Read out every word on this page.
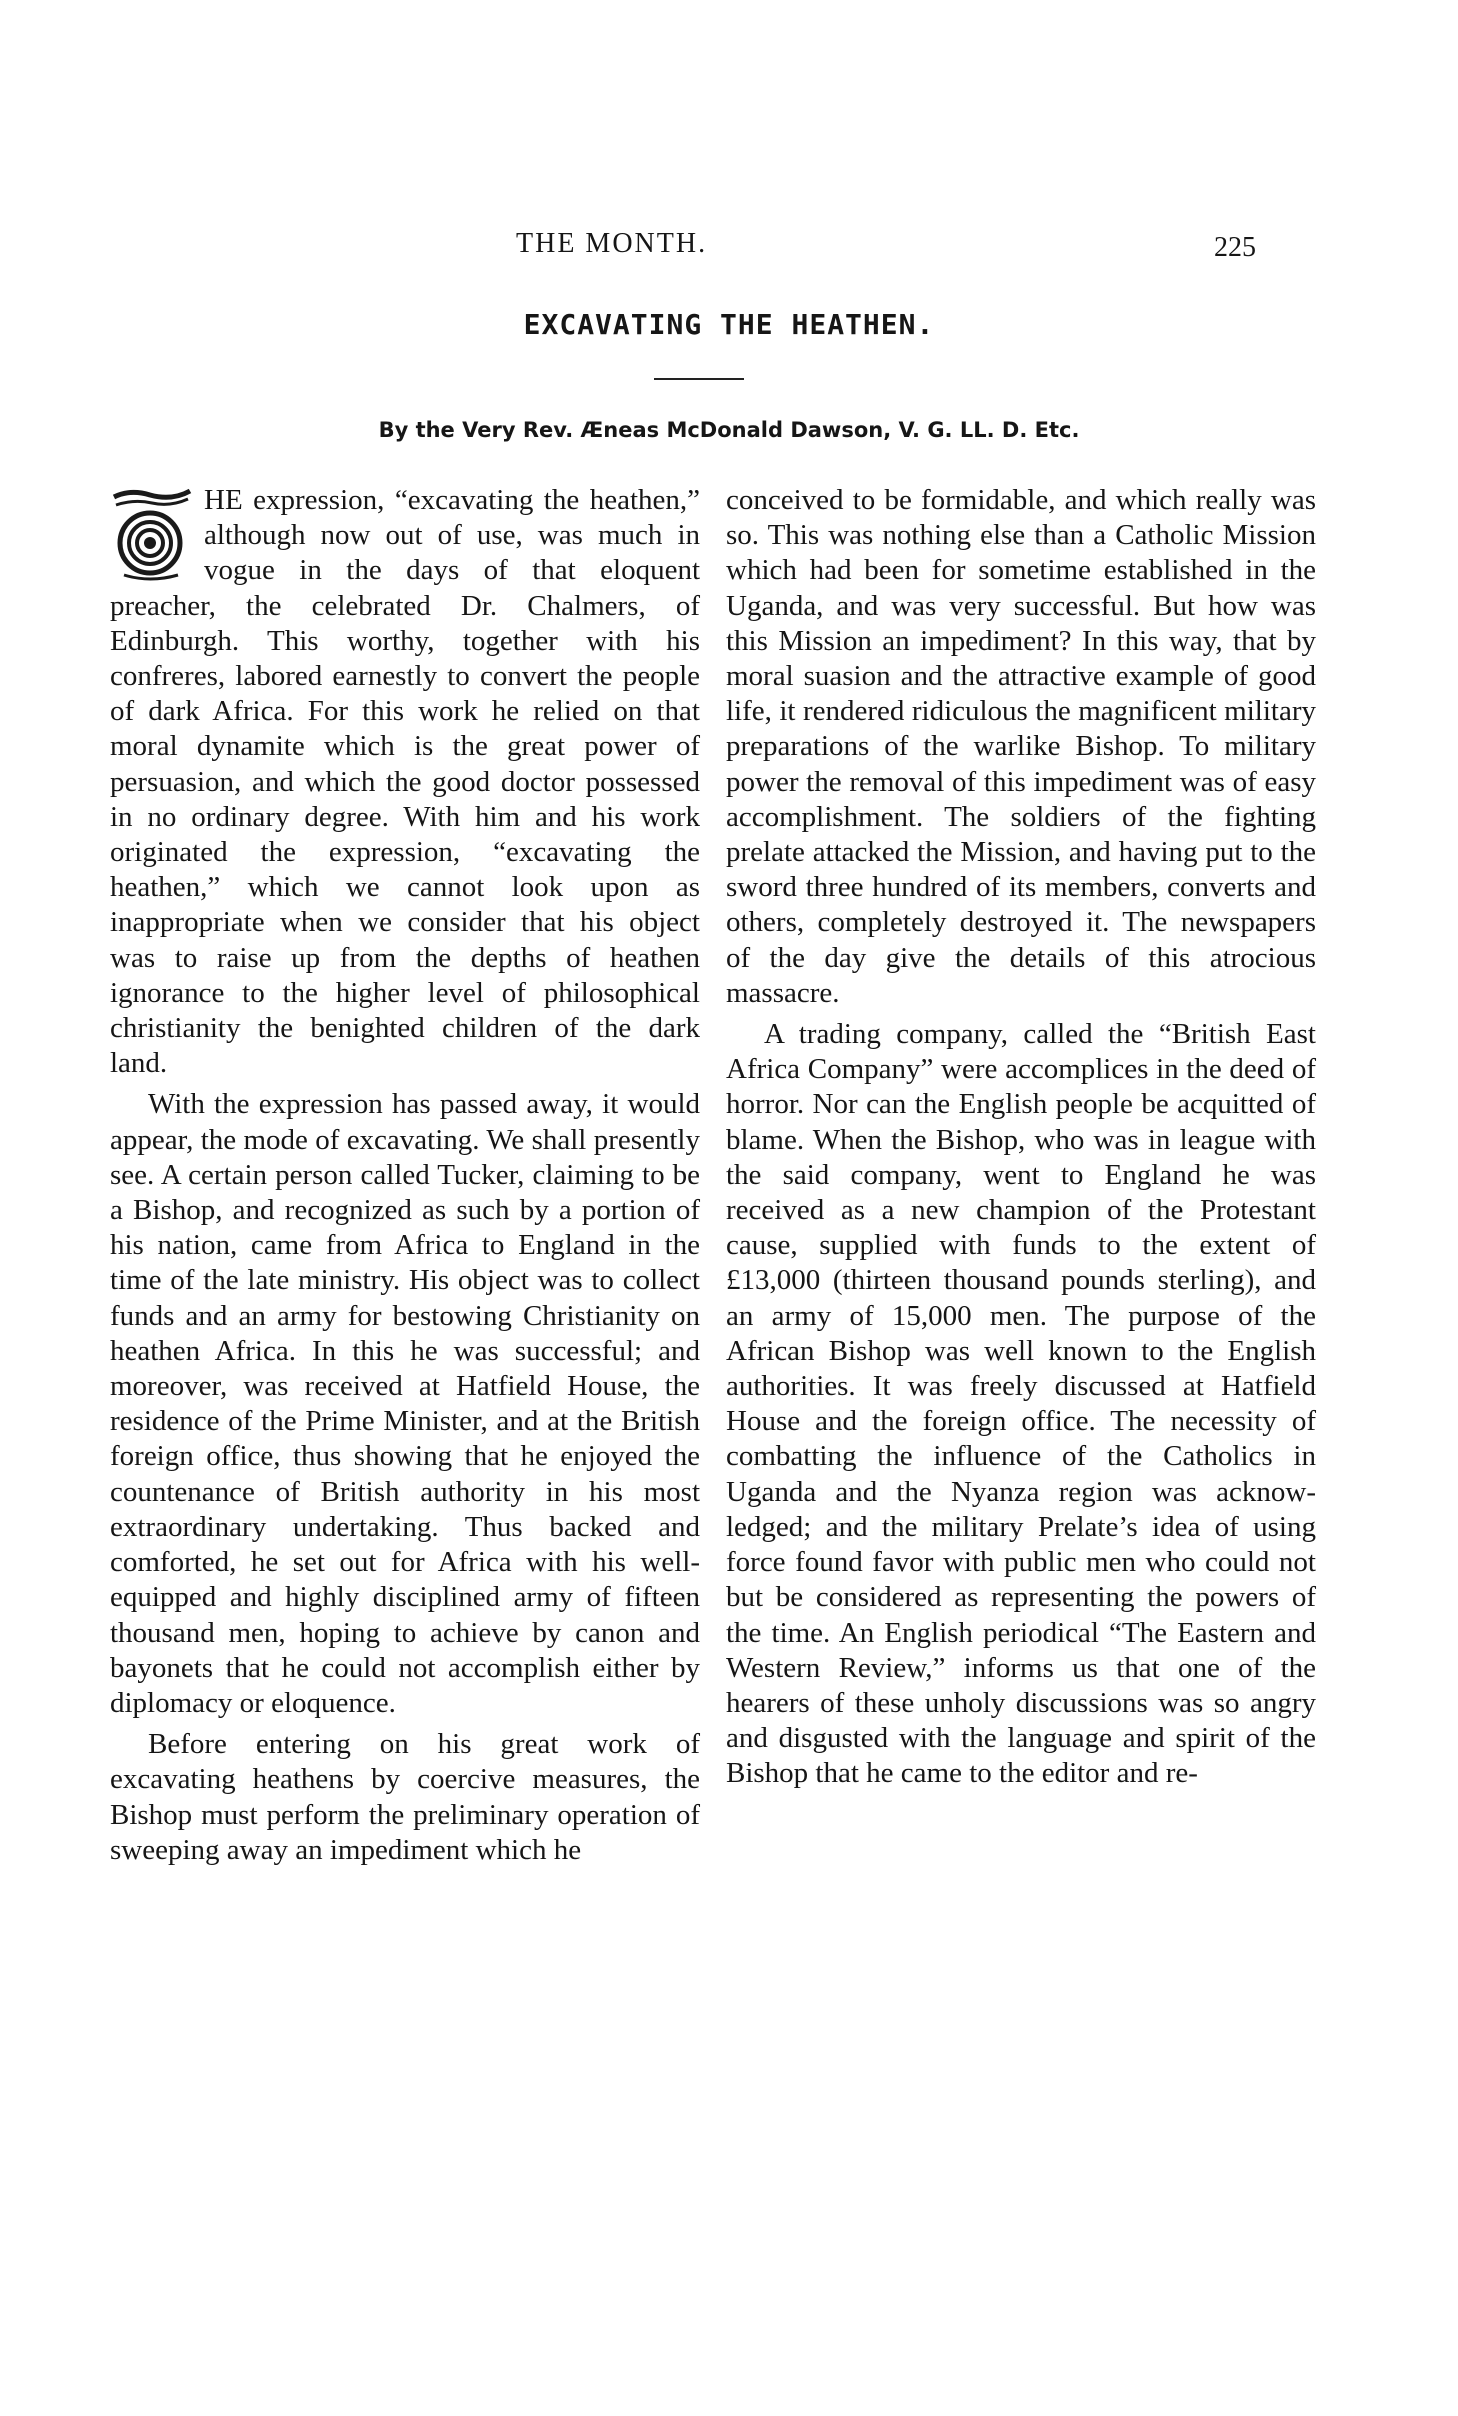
THE MONTH.	225
EXCAVATING THE HEATHEN.
By the Very Rev. Æneas McDonald Dawson, V. G. LL. D. Etc.

HE expression, “excavating the heathen,” although now out of use, was much in vogue in the days of that eloquent preacher, the celebrated Dr. Chalmers, of Edinburgh. This worthy, together with his confreres, labored earnestly to convert the people of dark Africa. For this work he relied on that moral dynamite which is the great power of persuasion, and which the good doctor possessed in no ordinary degree. With him and his work originated the expression, “excavating the heathen,” which we cannot look upon as inappropriate when we consider that his object was to raise up from the depths of heathen ignorance to the higher level of philosophical christianity the benighted children of the dark land.

With the expression has passed away, it would appear, the mode of excavating. We shall presently see. A certain person called Tucker, claiming to be a Bishop, and recognized as such by a portion of his nation, came from Africa to England in the time of the late ministry. His object was to collect funds and an army for bestowing Christianity on heathen Africa. In this he was successful; and moreover, was received at Hatfield House, the residence of the Prime Minister, and at the British foreign office, thus showing that he enjoyed the countenance of British authority in his most extraordinary undertaking. Thus backed and comforted, he set out for Africa with his well-equipped and highly disciplined army of fifteen thousand men, hoping to achieve by canon and bayonets that he could not accomplish either by diplomacy or eloquence.

Before entering on his great work of excavating heathens by coercive measures, the Bishop must perform the preliminary operation of sweeping away an impediment which he

conceived to be formidable, and which really was so. This was nothing else than a Catholic Mission which had been for sometime established in the Uganda, and was very successful. But how was this Mission an impediment? In this way, that by moral suasion and the attractive example of good life, it rendered ridiculous the magnificent military preparations of the warlike Bishop. To military power the removal of this impediment was of easy accomplishment. The soldiers of the fighting prelate attacked the Mission, and having put to the sword three hundred of its members, converts and others, completely destroyed it. The newspapers of the day give the details of this atrocious massacre.

A trading company, called the “British East Africa Company” were accomplices in the deed of horror. Nor can the English people be acquitted of blame. When the Bishop, who was in league with the said company, went to England he was received as a new champion of the Protestant cause, supplied with funds to the extent of £13,000 (thirteen thousand pounds sterling), and an army of 15,000 men. The purpose of the African Bishop was well known to the English authorities. It was freely discussed at Hatfield House and the foreign office. The necessity of combatting the influence of the Catholics in Uganda and the Nyanza region was acknowledged; and the military Prelate’s idea of using force found favor with public men who could not but be considered as representing the powers of the time. An English periodical “The Eastern and Western Review,” informs us that one of the hearers of these unholy discussions was so angry and disgusted with the language and spirit of the Bishop that he came to the editor and re-
